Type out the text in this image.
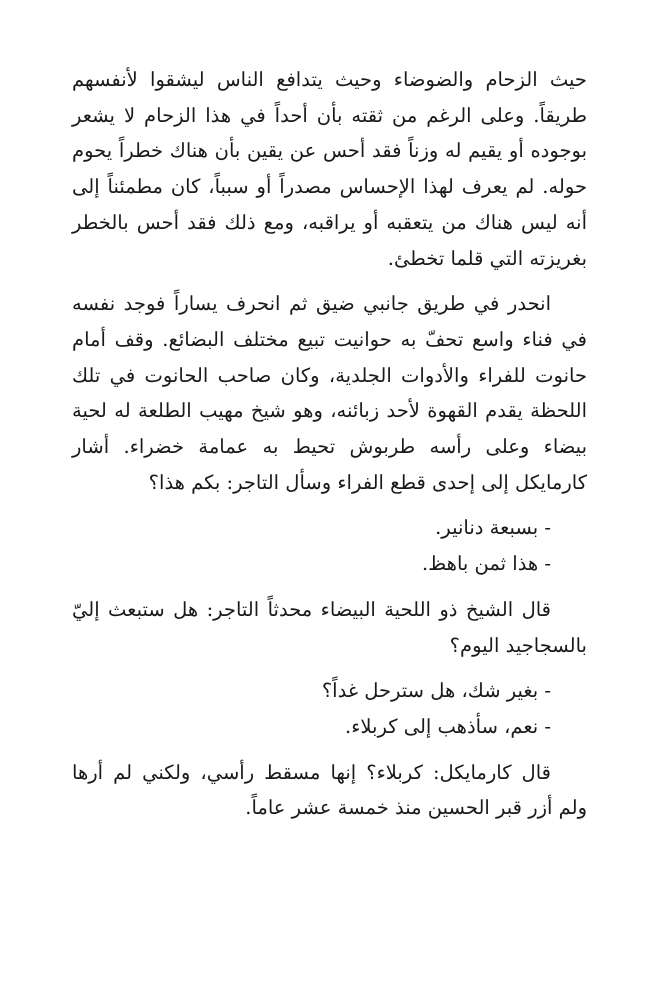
حيث الزحام والضوضاء وحيث يتدافع الناس ليشقوا لأنفسهم طريقاً. وعلى الرغم من ثقته بأن أحداً في هذا الزحام لا يشعر بوجوده أو يقيم له وزناً فقد أحس عن يقين بأن هناك خطراً يحوم حوله. لم يعرف لهذا الإحساس مصدراً أو سبباً، كان مطمئناً إلى أنه ليس هناك من يتعقبه أو يراقبه، ومع ذلك فقد أحس بالخطر بغريزته التي قلما تخطئ.

انحدر في طريق جانبي ضيق ثم انحرف يساراً فوجد نفسه في فناء واسع تحفّ به حوانيت تبيع مختلف البضائع. وقف أمام حانوت للفراء والأدوات الجلدية، وكان صاحب الحانوت في تلك اللحظة يقدم القهوة لأحد زبائنه، وهو شيخ مهيب الطلعة له لحية بيضاء وعلى رأسه طربوش تحيط به عمامة خضراء. أشار كارمايكل إلى إحدى قطع الفراء وسأل التاجر: بكم هذا؟

- بسبعة دنانير.

- هذا ثمن باهظ.

قال الشيخ ذو اللحية البيضاء محدثاً التاجر: هل ستبعث إليّ بالسجاجيد اليوم؟

- بغير شك، هل سترحل غداً؟

- نعم، سأذهب إلى كربلاء.

قال كارمايكل: كربلاء؟ إنها مسقط رأسي، ولكني لم أرها ولم أزر قبر الحسين منذ خمسة عشر عاماً.
